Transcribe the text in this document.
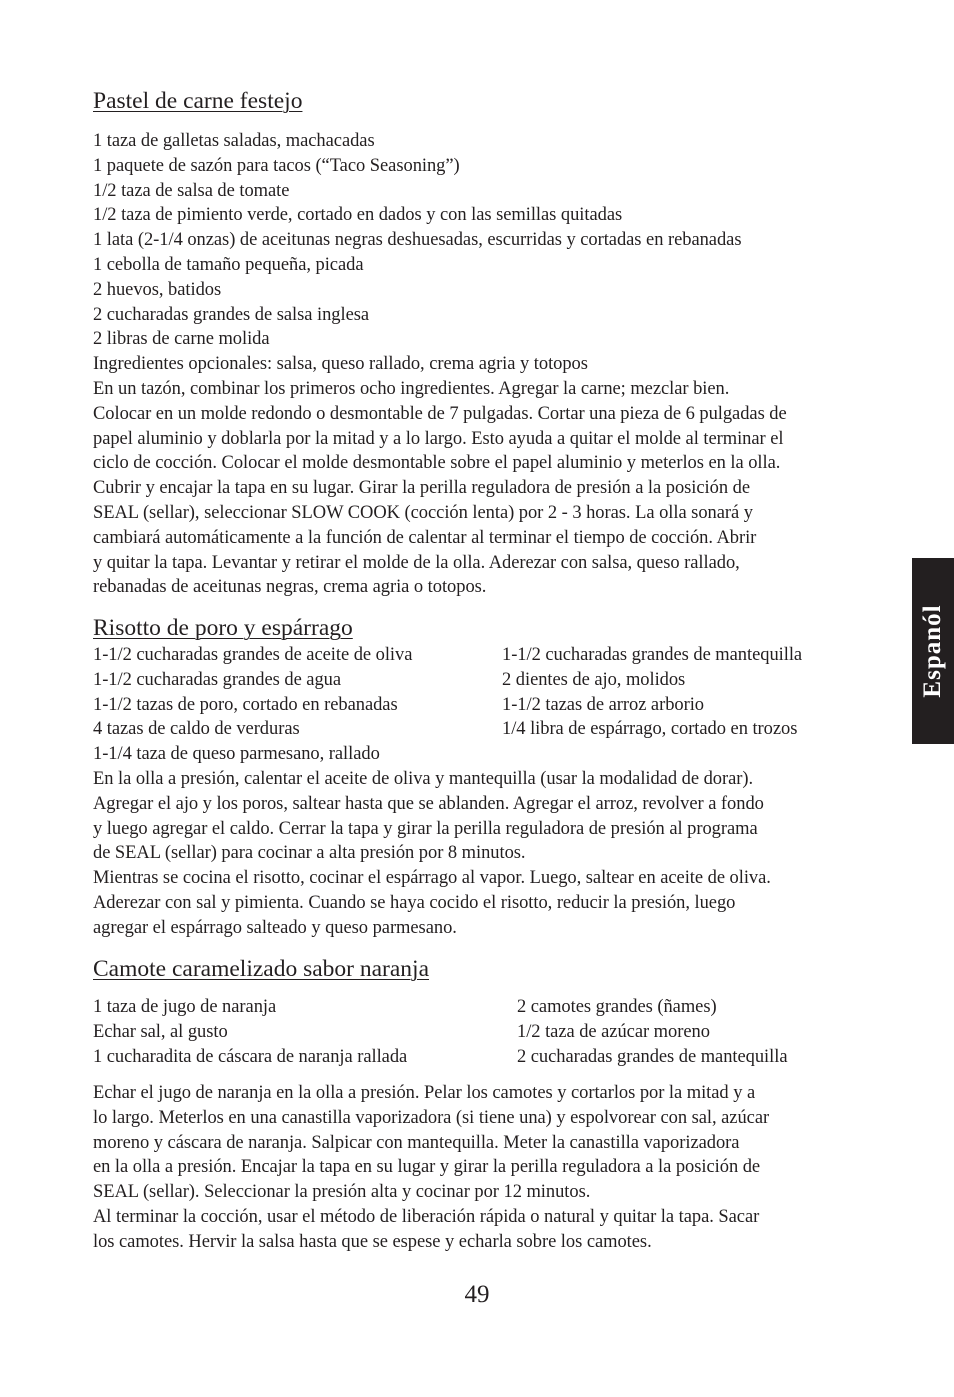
Pastel de carne festejo
1 taza de galletas saladas, machacadas
1 paquete de sazón para tacos (“Taco Seasoning”)
1/2 taza de salsa de tomate
1/2 taza de pimiento verde, cortado en dados y con las semillas quitadas
1 lata (2-1/4 onzas) de aceitunas negras deshuesadas, escurridas y cortadas en rebanadas
1 cebolla de tamaño pequeña, picada
2 huevos, batidos
2 cucharadas grandes de salsa inglesa
2 libras de carne molida
Ingredientes opcionales: salsa, queso rallado, crema agria y totopos
En un tazón, combinar los primeros ocho ingredientes. Agregar la carne; mezclar bien.
Colocar en un molde redondo o desmontable de 7 pulgadas. Cortar una pieza de 6 pulgadas de
papel aluminio y doblarla por la mitad y a lo largo. Esto ayuda a quitar el molde al terminar el
ciclo de cocción. Colocar el molde desmontable sobre el papel aluminio y meterlos en la olla.
Cubrir y encajar la tapa en su lugar. Girar la perilla reguladora de presión a la posición de
SEAL (sellar), seleccionar SLOW COOK (cocción lenta) por 2 - 3 horas. La olla sonará y
cambiará automáticamente a la función de calentar al terminar el tiempo de cocción. Abrir
y quitar la tapa. Levantar y retirar el molde de la olla. Aderezar con salsa, queso rallado,
rebanadas de aceitunas negras, crema agria o totopos.
Risotto de poro y espárrago
1-1/2 cucharadas grandes de aceite de oliva	1-1/2 cucharadas grandes de mantequilla
1-1/2 cucharadas grandes de agua	2 dientes de ajo, molidos
1-1/2 tazas de poro, cortado en rebanadas	1-1/2 tazas de arroz arborio
4 tazas de caldo de verduras	1/4 libra de espárrago, cortado en trozos
1-1/4 taza de queso parmesano, rallado
En la olla a presión, calentar el aceite de oliva y mantequilla (usar la modalidad de dorar).
Agregar el ajo y los poros, saltear hasta que se ablanden. Agregar el arroz, revolver a fondo
y luego agregar el caldo. Cerrar la tapa y girar la perilla reguladora de presión al programa
de SEAL (sellar) para cocinar a alta presión por 8 minutos.
Mientras se cocina el risotto, cocinar el espárrago al vapor. Luego, saltear en aceite de oliva.
Aderezar con sal y pimienta. Cuando se haya cocido el risotto, reducir la presión, luego
agregar el espárrago salteado y queso parmesano.
Camote caramelizado sabor naranja
1 taza de jugo de naranja	2 camotes grandes (ñames)
Echar sal, al gusto	1/2 taza de azúcar moreno
1 cucharadita de cáscara de naranja rallada	2 cucharadas grandes de mantequilla
Echar el jugo de naranja en la olla a presión. Pelar los camotes y cortarlos por la mitad y a
lo largo. Meterlos en una canastilla vaporizadora (si tiene una) y espolvorear con sal, azúcar
moreno y cáscara de naranja. Salpicar con mantequilla. Meter la canastilla vaporizadora
en la olla a presión. Encajar la tapa en su lugar y girar la perilla reguladora a la posición de
SEAL (sellar). Seleccionar la presión alta y cocinar por 12 minutos.
Al terminar la cocción, usar el método de liberación rápida o natural y quitar la tapa. Sacar
los camotes. Hervir la salsa hasta que se espese y echarla sobre los camotes.
49
Espanól
